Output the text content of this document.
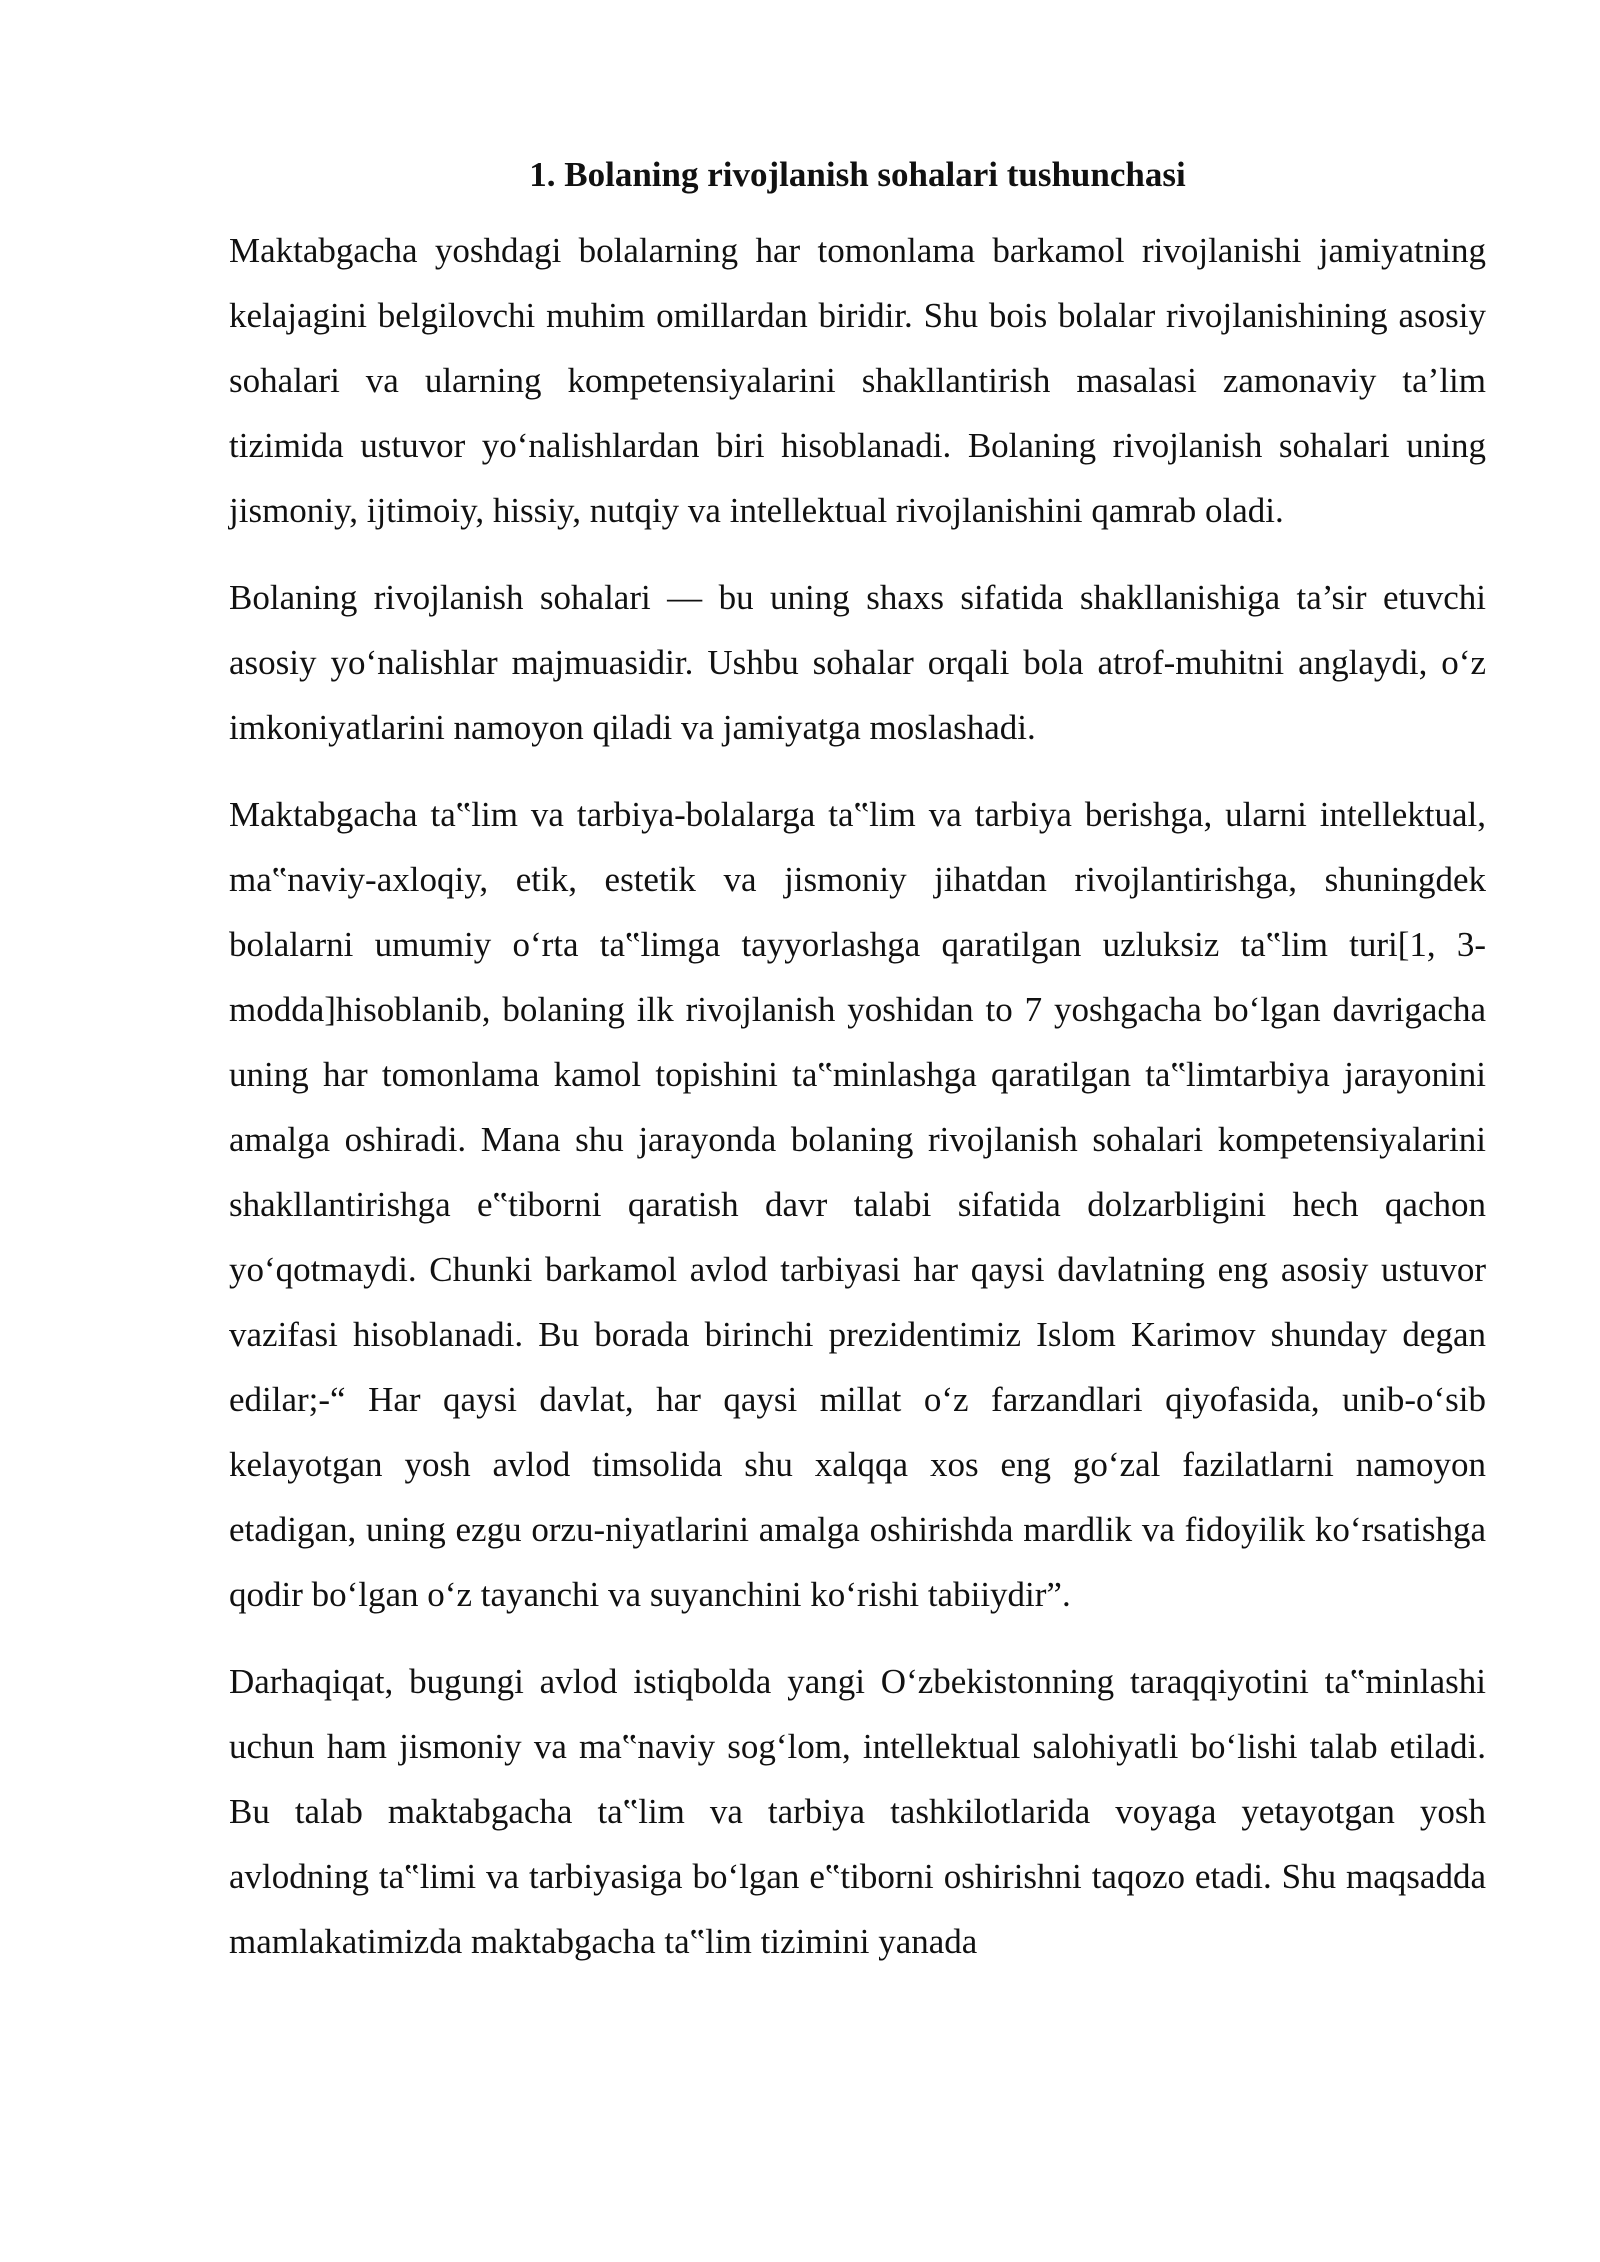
1. Bolaning rivojlanish sohalari tushunchasi

Maktabgacha yoshdagi bolalarning har tomonlama barkamol rivojlanishi jamiyatning kelajagini belgilovchi muhim omillardan biridir. Shu bois bolalar rivojlanishining asosiy sohalari va ularning kompetensiyalarini shakllantirish masalasi zamonaviy ta’lim tizimida ustuvor yo‘nalishlardan biri hisoblanadi. Bolaning rivojlanish sohalari uning jismoniy, ijtimoiy, hissiy, nutqiy va intellektual rivojlanishini qamrab oladi.

Bolaning rivojlanish sohalari — bu uning shaxs sifatida shakllanishiga ta’sir etuvchi asosiy yo‘nalishlar majmuasidir. Ushbu sohalar orqali bola atrof-muhitni anglaydi, o‘z imkoniyatlarini namoyon qiladi va jamiyatga moslashadi.

Maktabgacha ta‟lim va tarbiya-bolalarga ta‟lim va tarbiya berishga, ularni intellektual, ma‟naviy-axloqiy, etik, estetik va jismoniy jihatdan rivojlantirishga, shuningdek bolalarni umumiy o‘rta ta‟limga tayyorlashga qaratilgan uzluksiz ta‟lim turi[1, 3-modda]hisoblanib, bolaning ilk rivojlanish yoshidan to 7 yoshgacha bo‘lgan davrigacha uning har tomonlama kamol topishini ta‟minlashga qaratilgan ta‟limtarbiya jarayonini amalga oshiradi. Mana shu jarayonda bolaning rivojlanish sohalari kompetensiyalarini shakllantirishga e‟tiborni qaratish davr talabi sifatida dolzarbligini hech qachon yo‘qotmaydi. Chunki barkamol avlod tarbiyasi har qaysi davlatning eng asosiy ustuvor vazifasi hisoblanadi. Bu borada birinchi prezidentimiz Islom Karimov shunday degan edilar;-“ Har qaysi davlat, har qaysi millat o‘z farzandlari qiyofasida, unib-o‘sib kelayotgan yosh avlod timsolida shu xalqqa xos eng go‘zal fazilatlarni namoyon etadigan, uning ezgu orzu-niyatlarini amalga oshirishda mardlik va fidoyilik ko‘rsatishga qodir bo‘lgan o‘z tayanchi va suyanchini ko‘rishi tabiiydir”.

Darhaqiqat, bugungi avlod istiqbolda yangi O‘zbekistonning taraqqiyotini ta‟minlashi uchun ham jismoniy va ma‟naviy sog‘lom, intellektual salohiyatli bo‘lishi talab etiladi. Bu talab maktabgacha ta‟lim va tarbiya tashkilotlarida voyaga yetayotgan yosh avlodning ta‟limi va tarbiyasiga bo‘lgan e‟tiborni oshirishni taqozo etadi. Shu maqsadda mamlakatimizda maktabgacha ta‟lim tizimini yanada
